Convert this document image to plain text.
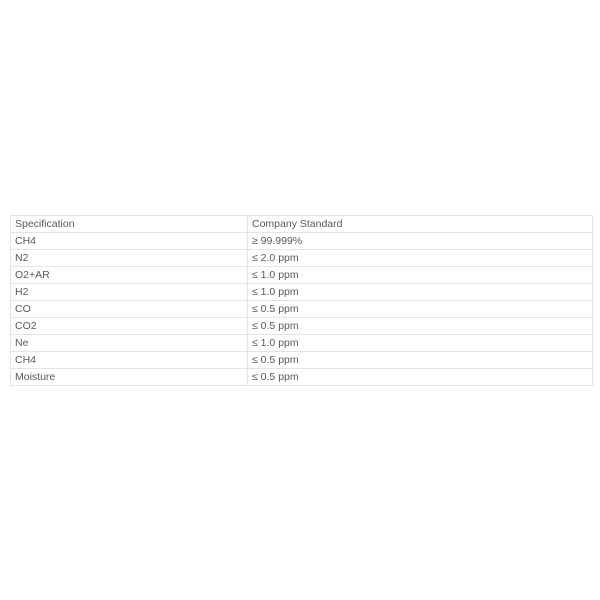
Specification	Company Standard
CH4	≥ 99.999%
N2	≤ 2.0 ppm
O2+AR	≤ 1.0 ppm
H2	≤ 1.0 ppm
CO	≤ 0.5 ppm
CO2	≤ 0.5 ppm
Ne	≤ 1.0 ppm
CH4	≤ 0.5 ppm
Moisture	≤ 0.5 ppm
